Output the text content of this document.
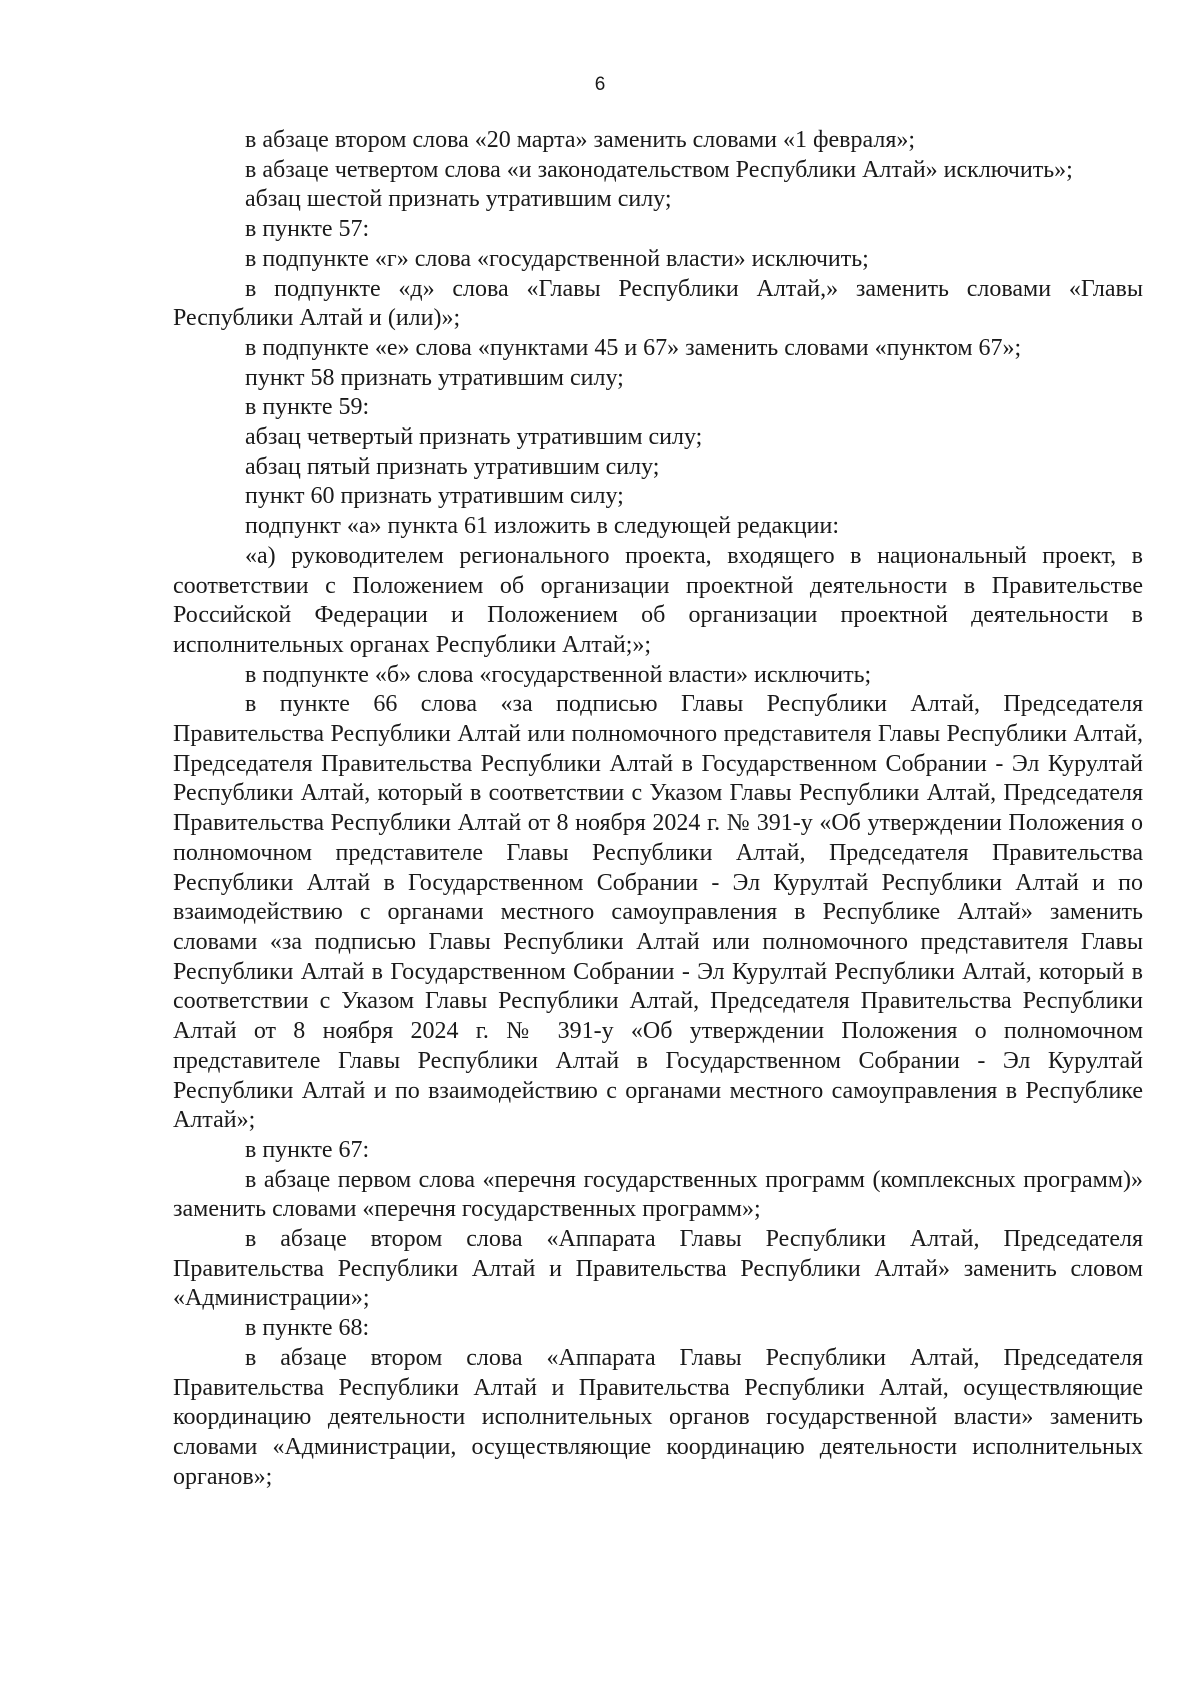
6

в абзаце втором слова «20 марта» заменить словами «1 февраля»;

в абзаце четвертом слова «и законодательством Республики Алтай» исключить»;

абзац шестой признать утратившим силу;

в пункте 57:

в подпункте «г» слова «государственной власти» исключить;

в подпункте «д» слова «Главы Республики Алтай,» заменить словами «Главы Республики Алтай и (или)»;

в подпункте «е» слова «пунктами 45 и 67» заменить словами «пунктом 67»;

пункт 58 признать утратившим силу;

в пункте 59:

абзац четвертый признать утратившим силу;

абзац пятый признать утратившим силу;

пункт 60 признать утратившим силу;

подпункт «а» пункта 61 изложить в следующей редакции:

«а) руководителем регионального проекта, входящего в национальный проект, в соответствии с Положением об организации проектной деятельности в Правительстве Российской Федерации и Положением об организации проектной деятельности в исполнительных органах Республики Алтай;»;

в подпункте «б» слова «государственной власти» исключить;

в пункте 66 слова «за подписью Главы Республики Алтай, Председателя Правительства Республики Алтай или полномочного представителя Главы Республики Алтай, Председателя Правительства Республики Алтай в Государственном Собрании - Эл Курултай Республики Алтай, который в соответствии с Указом Главы Республики Алтай, Председателя Правительства Республики Алтай от 8 ноября 2024 г. № 391-у «Об утверждении Положения о полномочном представителе Главы Республики Алтай, Председателя Правительства Республики Алтай в Государственном Собрании - Эл Курултай Республики Алтай и по взаимодействию с органами местного самоуправления в Республике Алтай» заменить словами «за подписью Главы Республики Алтай или полномочного представителя Главы Республики Алтай в Государственном Собрании - Эл Курултай Республики Алтай, который в соответствии с Указом Главы Республики Алтай, Председателя Правительства Республики Алтай от 8 ноября 2024 г. № 391-у «Об утверждении Положения о полномочном представителе Главы Республики Алтай в Государственном Собрании - Эл Курултай Республики Алтай и по взаимодействию с органами местного самоуправления в Республике Алтай»;

в пункте 67:

в абзаце первом слова «перечня государственных программ (комплексных программ)» заменить словами «перечня государственных программ»;

в абзаце втором слова «Аппарата Главы Республики Алтай, Председателя Правительства Республики Алтай и Правительства Республики Алтай» заменить словом «Администрации»;

в пункте 68:

в абзаце втором слова «Аппарата Главы Республики Алтай, Председателя Правительства Республики Алтай и Правительства Республики Алтай, осуществляющие координацию деятельности исполнительных органов государственной власти» заменить словами «Администрации, осуществляющие координацию деятельности исполнительных органов»;
